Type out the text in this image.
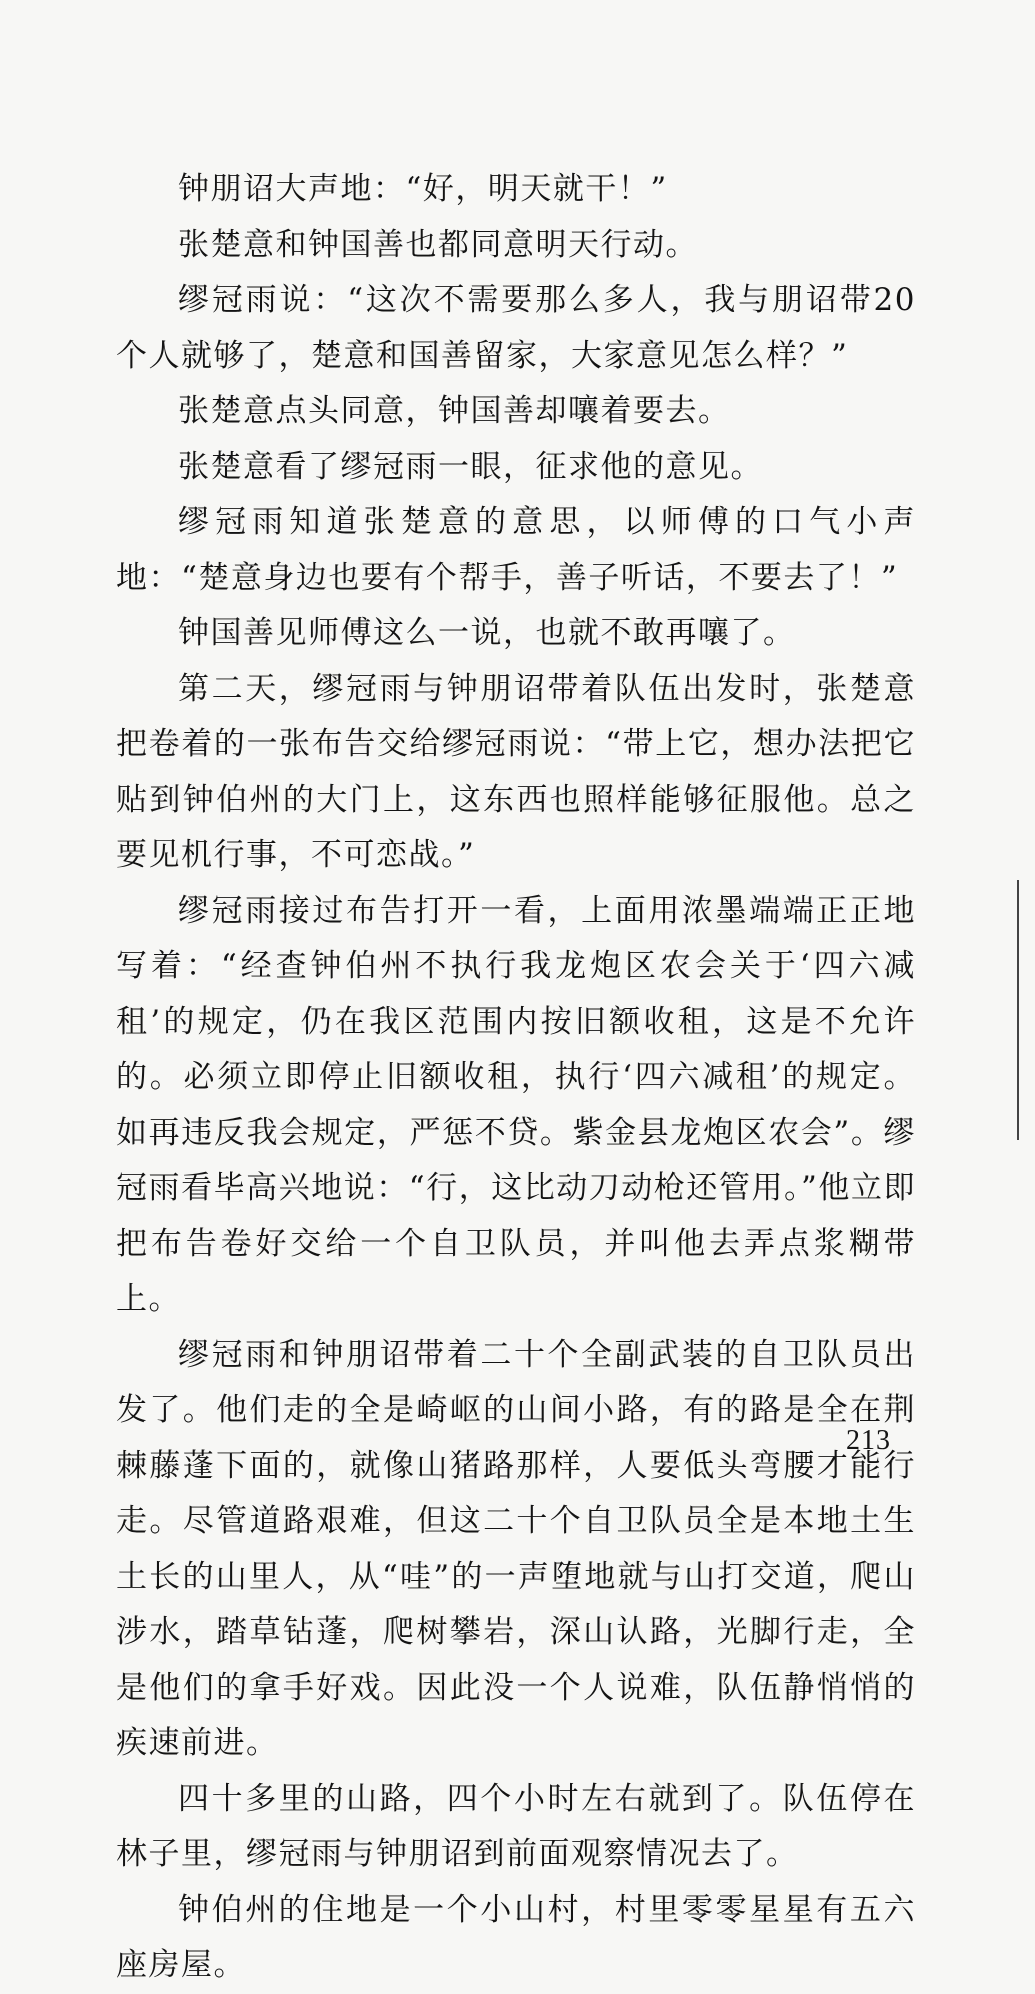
钟朋诏大声地：“好，明天就干！”

张楚意和钟国善也都同意明天行动。

缪冠雨说：“这次不需要那么多人，我与朋诏带20个人就够了，楚意和国善留家，大家意见怎么样？”

张楚意点头同意，钟国善却嚷着要去。

张楚意看了缪冠雨一眼，征求他的意见。

缪冠雨知道张楚意的意思，以师傅的口气小声地：“楚意身边也要有个帮手，善子听话，不要去了！”

钟国善见师傅这么一说，也就不敢再嚷了。

第二天，缪冠雨与钟朋诏带着队伍出发时，张楚意把卷着的一张布告交给缪冠雨说：“带上它，想办法把它贴到钟伯州的大门上，这东西也照样能够征服他。总之要见机行事，不可恋战。”

缪冠雨接过布告打开一看，上面用浓墨端端正正地写着：“经查钟伯州不执行我龙炮区农会关于‘四六减租’的规定，仍在我区范围内按旧额收租，这是不允许的。必须立即停止旧额收租，执行‘四六减租’的规定。如再违反我会规定，严惩不贷。紫金县龙炮区农会”。缪冠雨看毕高兴地说：“行，这比动刀动枪还管用。”他立即把布告卷好交给一个自卫队员，并叫他去弄点浆糊带上。

缪冠雨和钟朋诏带着二十个全副武装的自卫队员出发了。他们走的全是崎岖的山间小路，有的路是全在荆棘藤蓬下面的，就像山猪路那样，人要低头弯腰才能行走。尽管道路艰难，但这二十个自卫队员全是本地土生土长的山里人，从“哇”的一声堕地就与山打交道，爬山涉水，踏草钻蓬，爬树攀岩，深山认路，光脚行走，全是他们的拿手好戏。因此没一个人说难，队伍静悄悄的疾速前进。

四十多里的山路，四个小时左右就到了。队伍停在林子里，缪冠雨与钟朋诏到前面观察情况去了。

钟伯州的住地是一个小山村，村里零零星星有五六座房屋。

213
